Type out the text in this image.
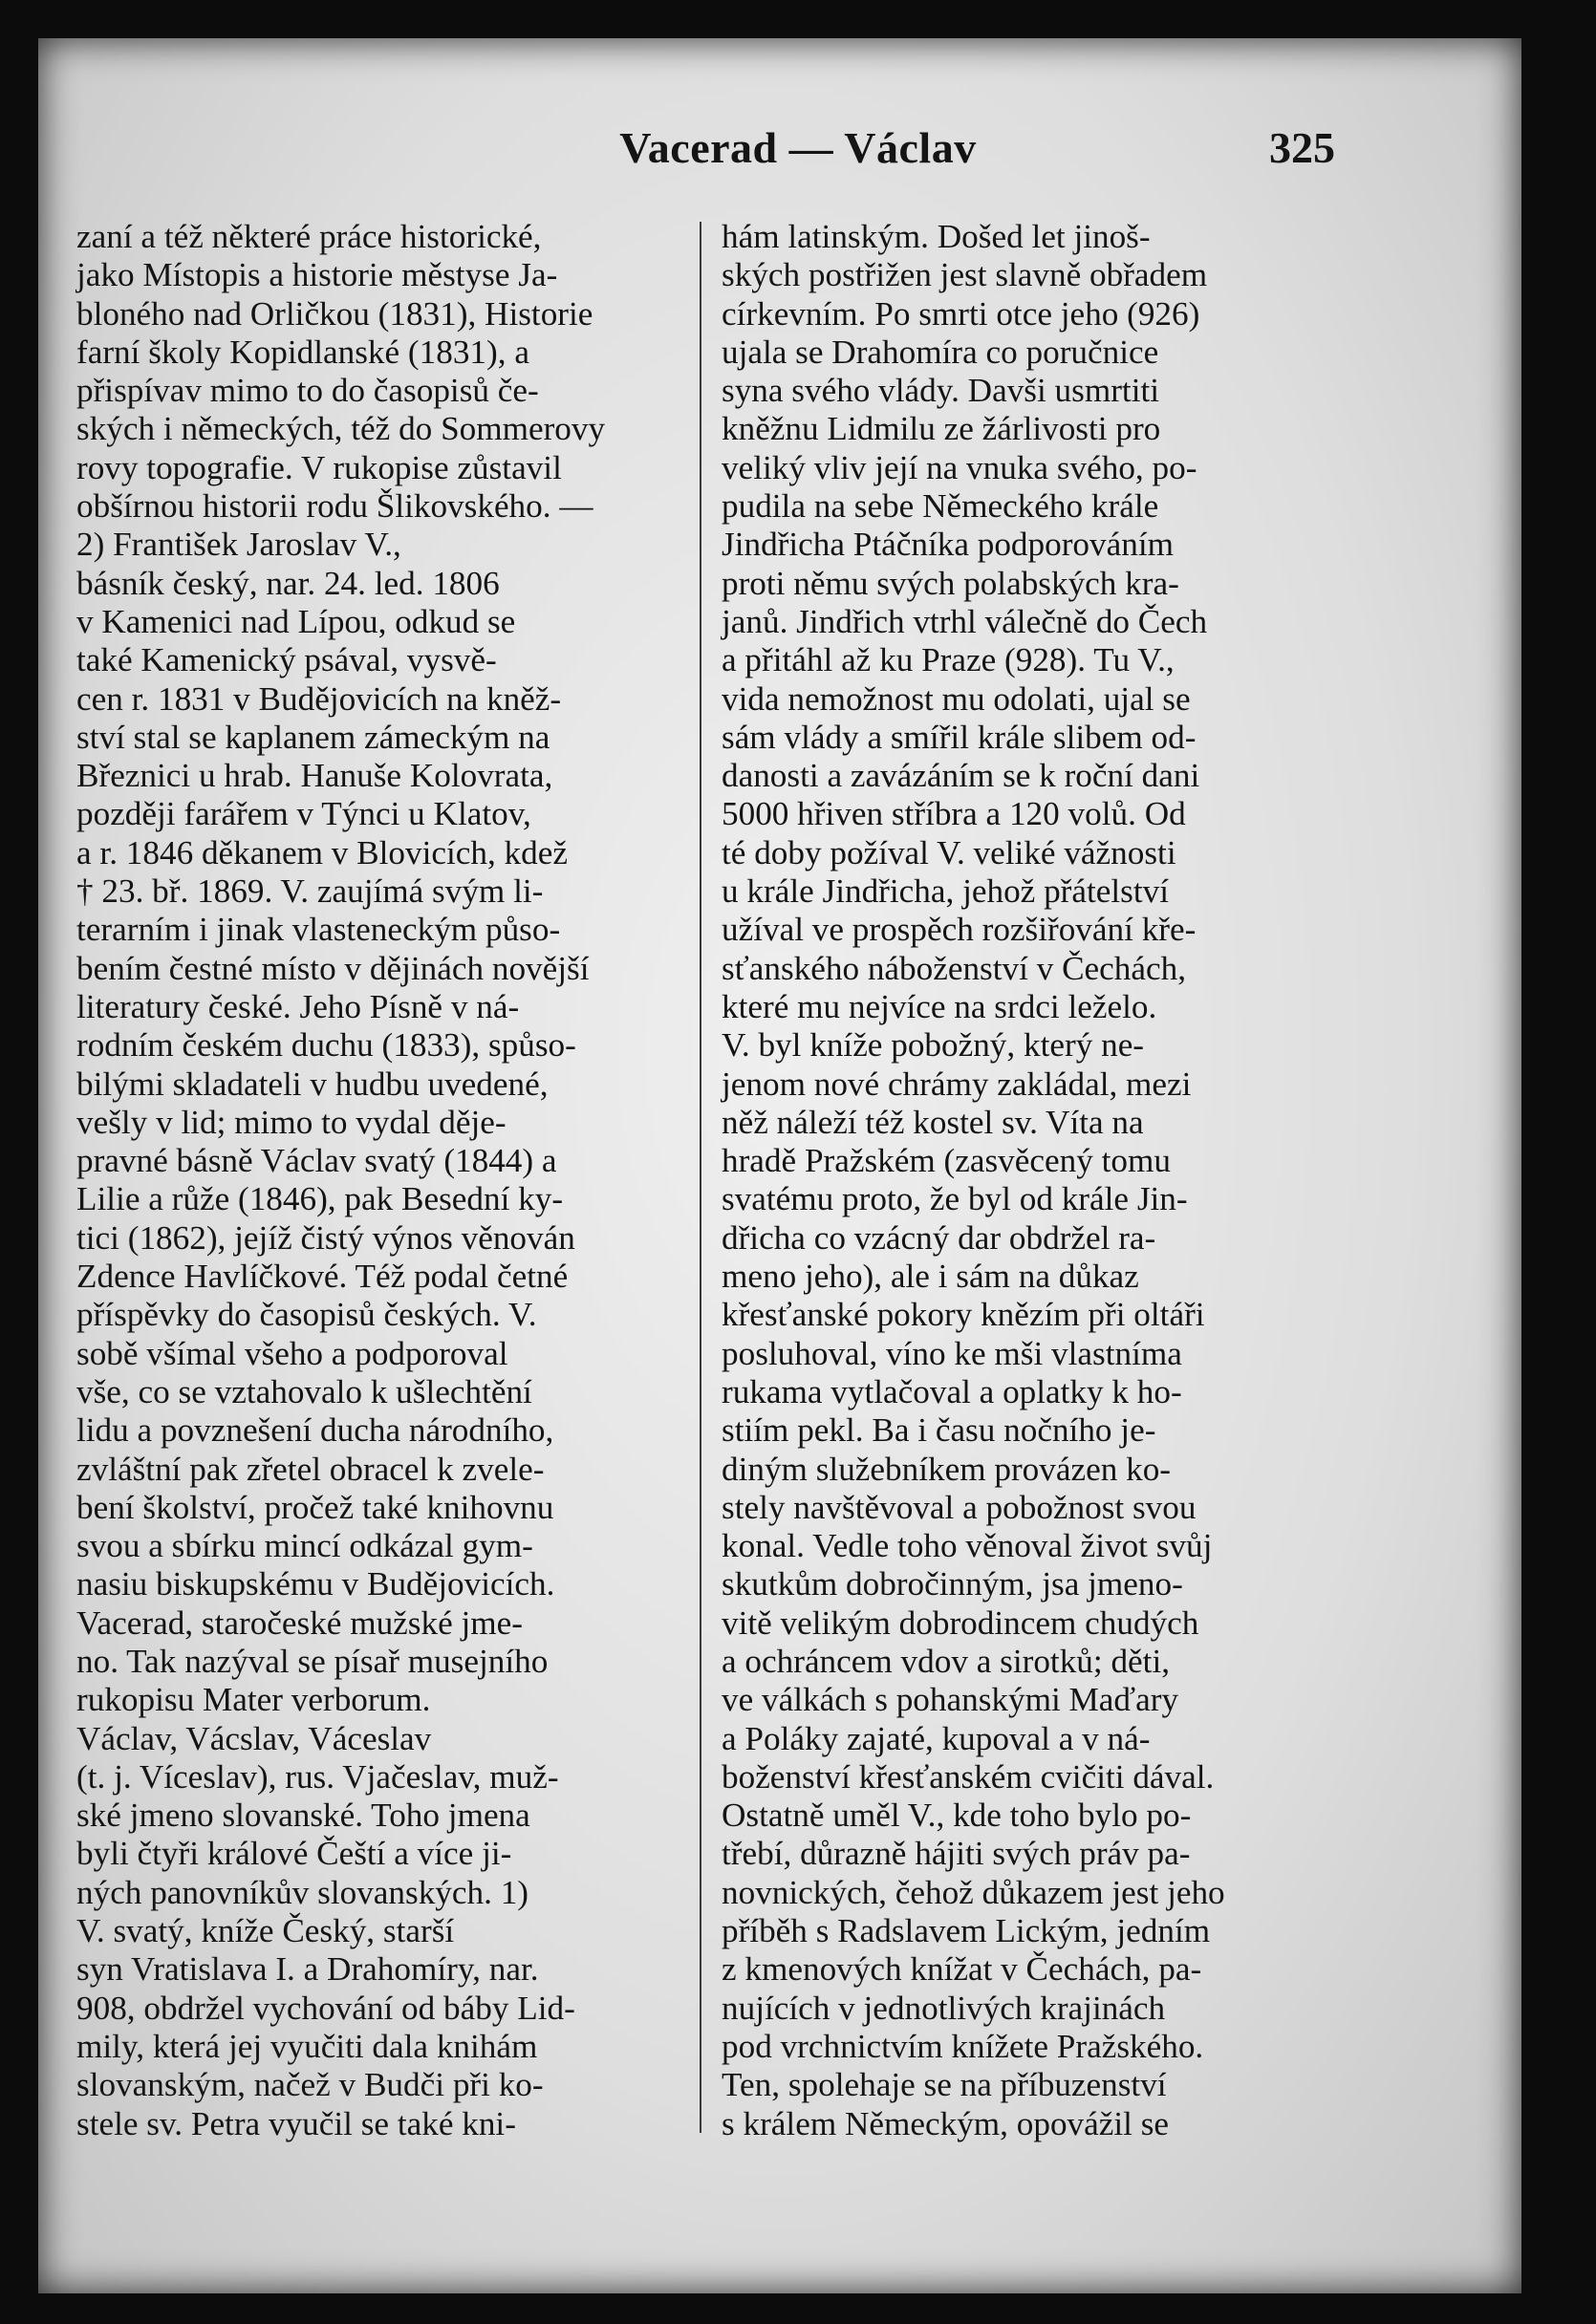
Vacerad — Václav	325
zaní a též některé práce historické,
jako Místopis a historie městyse Ja-
bloného nad Orličkou (1831), Historie
farní školy Kopidlanské (1831), a
přispívav mimo to do časopisů če-
ských i německých, též do Sommerovy
rovy topografie. V rukopise zůstavil
obšírnou historii rodu Šlikovského. —
2) František Jaroslav V.,
básník český, nar. 24. led. 1806
v Kamenici nad Lípou, odkud se
také Kamenický psával, vysvě-
cen r. 1831 v Budějovicích na kněž-
ství stal se kaplanem zámeckým na
Březnici u hrab. Hanuše Kolovrata,
později farářem v Týnci u Klatov,
a r. 1846 děkanem v Blovicích, kdež
† 23. bř. 1869. V. zaujímá svým li-
terarním i jinak vlasteneckým půso-
bením čestné místo v dějinách novější
literatury české. Jeho Písně v ná-
rodním českém duchu (1833), spůso-
bilými skladateli v hudbu uvedené,
vešly v lid; mimo to vydal děje-
pravné básně Václav svatý (1844) a
Lilie a růže (1846), pak Besední ky-
tici (1862), jejíž čistý výnos věnován
Zdence Havlíčkové. Též podal četné
příspěvky do časopisů českých. V.
sobě všímal všeho a podporoval
vše, co se vztahovalo k ušlechtění
lidu a povznešení ducha národního,
zvláštní pak zřetel obracel k zvele-
bení školství, pročež také knihovnu
svou a sbírku mincí odkázal gym-
nasiu biskupskému v Budějovicích.
Vacerad, staročeské mužské jme-
no. Tak nazýval se písař musejního
rukopisu Mater verborum.
Václav, Vácslav, Váceslav
(t. j. Víceslav), rus. Vjačeslav, muž-
ské jmeno slovanské. Toho jmena
byli čtyři králové Čeští a více ji-
ných panovníkův slovanských. 1)
V. svatý, kníže Český, starší
syn Vratislava I. a Drahomíry, nar.
908, obdržel vychování od báby Lid-
mily, která jej vyučiti dala knihám
slovanským, načež v Budči při ko-
stele sv. Petra vyučil se také kni-
hám latinským. Došed let jinoš-
ských postřižen jest slavně obřadem
církevním. Po smrti otce jeho (926)
ujala se Drahomíra co poručnice
syna svého vlády. Davši usmrtiti
kněžnu Lidmilu ze žárlivosti pro
veliký vliv její na vnuka svého, po-
pudila na sebe Německého krále
Jindřicha Ptáčníka podporováním
proti němu svých polabských kra-
janů. Jindřich vtrhl válečně do Čech
a přitáhl až ku Praze (928). Tu V.,
vida nemožnost mu odolati, ujal se
sám vlády a smířil krále slibem od-
danosti a zavázáním se k roční dani
5000 hřiven stříbra a 120 volů. Od
té doby požíval V. veliké vážnosti
u krále Jindřicha, jehož přátelství
užíval ve prospěch rozšiřování kře-
sťanského náboženství v Čechách,
které mu nejvíce na srdci leželo.
V. byl kníže pobožný, který ne-
jenom nové chrámy zakládal, mezi
něž náleží též kostel sv. Víta na
hradě Pražském (zasvěcený tomu
svatému proto, že byl od krále Jin-
dřicha co vzácný dar obdržel ra-
meno jeho), ale i sám na důkaz
křesťanské pokory knězím při oltáři
posluhoval, víno ke mši vlastníma
rukama vytlačoval a oplatky k ho-
stiím pekl. Ba i času nočního je-
diným služebníkem provázen ko-
stely navštěvoval a pobožnost svou
konal. Vedle toho věnoval život svůj
skutkům dobročinným, jsa jmeno-
vitě velikým dobrodincem chudých
a ochráncem vdov a sirotků; děti,
ve válkách s pohanskými Maďary
a Poláky zajaté, kupoval a v ná-
boženství křesťanském cvičiti dával.
Ostatně uměl V., kde toho bylo po-
třebí, důrazně hájiti svých práv pa-
novnických, čehož důkazem jest jeho
příběh s Radslavem Lickým, jedním
z kmenových knížat v Čechách, pa-
nujících v jednotlivých krajinách
pod vrchnictvím knížete Pražského.
Ten, spolehaje se na příbuzenství
s králem Německým, opovážil se
